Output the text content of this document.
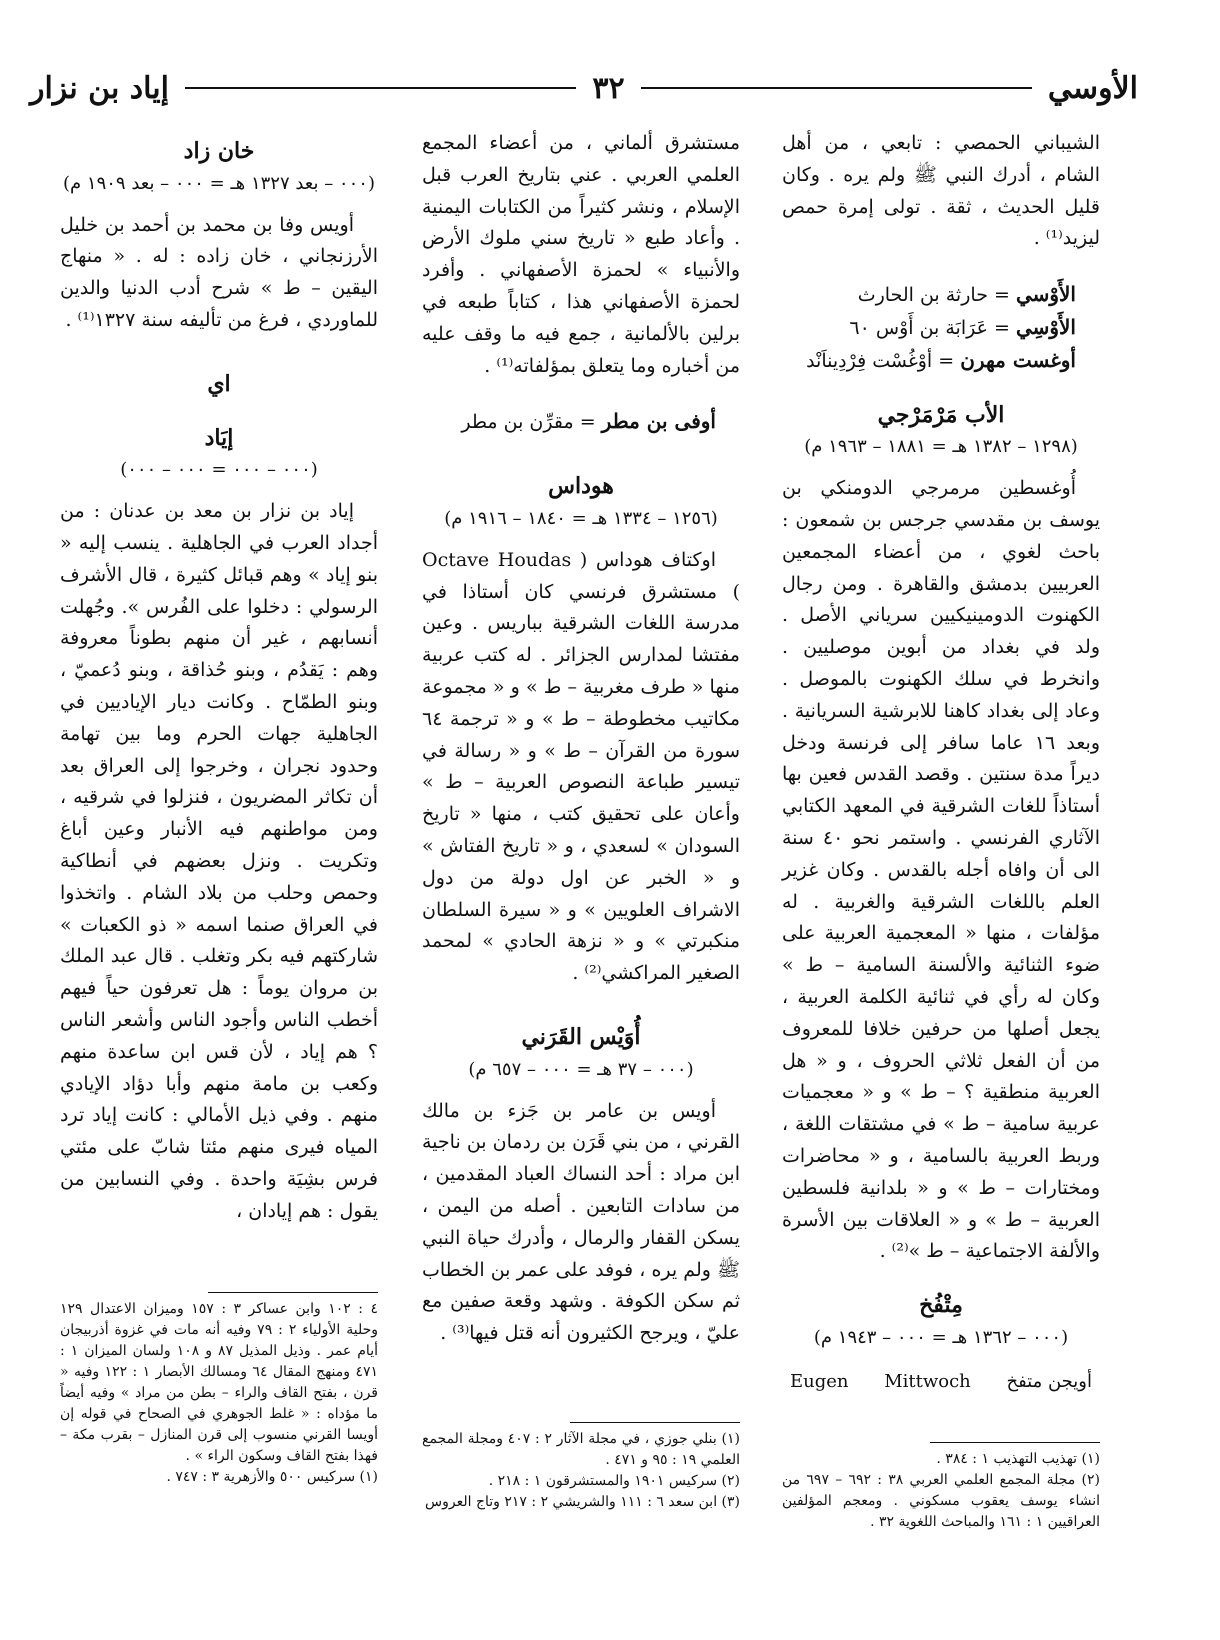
الأوسي
٣٢
إياد بن نزار

الشيباني الحمصي : تابعي ، من أهل الشام ، أدرك النبي ﷺ ولم يره . وكان قليل الحديث ، ثقة . تولى إمرة حمص ليزيد⁽¹⁾ .

الأَوْسي = حارثة بن الحارث

الأَوْسِي = عَرَابَة بن أَوْس ٦٠

أوغست مهرن = أوْغُسْت فِرْدِيناَنْد

الأب مَرْمَرْجي
(١٢٩٨ – ١٣٨٢ هـ = ١٨٨١ – ١٩٦٣ م)

أُوغسطين مرمرجي الدومنكي بن يوسف بن مقدسي جرجس بن شمعون : باحث لغوي ، من أعضاء المجمعين العربيين بدمشق والقاهرة . ومن رجال الكهنوت الدومينيكيين سرياني الأصل . ولد في بغداد من أبوين موصليين . وانخرط في سلك الكهنوت بالموصل . وعاد إلى بغداد كاهنا للابرشية السريانية . وبعد ١٦ عاما سافر إلى فرنسة ودخل ديراً مدة سنتين . وقصد القدس فعين بها أستاذاً للغات الشرقية في المعهد الكتابي الآثاري الفرنسي . واستمر نحو ٤٠ سنة الى أن وافاه أجله بالقدس . وكان غزير العلم باللغات الشرقية والغربية . له مؤلفات ، منها « المعجمية العربية على ضوء الثنائية والألسنة السامية – ط » وكان له رأي في ثنائية الكلمة العربية ، يجعل أصلها من حرفين خلافا للمعروف من أن الفعل ثلاثي الحروف ، و « هل العربية منطقية ؟ – ط » و « معجميات عربية سامية – ط » في مشتقات اللغة ، وربط العربية بالسامية ، و « محاضرات ومختارات – ط » و « بلدانية فلسطين العربية – ط » و « العلاقات بين الأسرة والألفة الاجتماعية – ط »⁽²⁾ .

مِتْفُخ
(٠٠٠ – ١٣٦٢ هـ = ٠٠٠ – ١٩٤٣ م)
Eugen Mittwoch أويجن متفخ
(١) تهذيب التهذيب ١ : ٣٨٤ .
(٢) مجلة المجمع العلمي العربي ٣٨ : ٦٩٢ – ٦٩٧ من انشاء يوسف يعقوب مسكوني . ومعجم المؤلفين العراقيين ١ : ١٦١ والمباحث اللغوية ٣٢ .

مستشرق ألماني ، من أعضاء المجمع العلمي العربي . عني بتاريخ العرب قبل الإسلام ، ونشر كثيراً من الكتابات اليمنية . وأعاد طبع « تاريخ سني ملوك الأرض والأنبياء » لحمزة الأصفهاني . وأفرد لحمزة الأصفهاني هذا ، كتاباً طبعه في برلين بالألمانية ، جمع فيه ما وقف عليه من أخباره وما يتعلق بمؤلفاته⁽¹⁾ .

أوفى بن مطر = مقرِّن بن مطر

هوداس
(١٢٥٦ – ١٣٣٤ هـ = ١٨٤٠ – ١٩١٦ م)

اوكتاف هوداس ( Octave Houdas ) مستشرق فرنسي كان أستاذا في مدرسة اللغات الشرقية بباريس . وعين مفتشا لمدارس الجزائر . له كتب عربية منها « طرف مغربية – ط » و « مجموعة مكاتيب مخطوطة – ط » و « ترجمة ٦٤ سورة من القرآن – ط » و « رسالة في تيسير طباعة النصوص العربية – ط » وأعان على تحقيق كتب ، منها « تاريخ السودان » لسعدي ، و « تاريخ الفتاش » و « الخبر عن اول دولة من دول الاشراف العلويين » و « سيرة السلطان منكبرتي » و « نزهة الحادي » لمحمد الصغير المراكشي⁽²⁾ .

أُوَيْس القَرَني
(٠٠٠ – ٣٧ هـ = ٠٠٠ – ٦٥٧ م)

أويس بن عامر بن جَزء بن مالك القرني ، من بني قَرَن بن ردمان بن ناجية ابن مراد : أحد النساك العباد المقدمين ، من سادات التابعين . أصله من اليمن ، يسكن القفار والرمال ، وأدرك حياة النبي ﷺ ولم يره ، فوفد على عمر بن الخطاب ثم سكن الكوفة . وشهد وقعة صفين مع عليّ ، ويرجح الكثيرون أنه قتل فيها⁽³⁾ .

(١) بنلي جوزي ، في مجلة الآثار ٢ : ٤٠٧ ومجلة المجمع العلمي ١٩ : ٩٥ و ٤٧١ .
(٢) سركيس ١٩٠١ والمستشرقون ١ : ٢١٨ .
(٣) ابن سعد ٦ : ١١١ والشريشي ٢ : ٢١٧ وتاج العروس
خان زاد
(٠٠٠ – بعد ١٣٢٧ هـ = ٠٠٠ – بعد ١٩٠٩ م)

أويس وفا بن محمد بن أحمد بن خليل الأرزنجاني ، خان زاده : له . « منهاج اليقين – ط » شرح أدب الدنيا والدين للماوردي ، فرغ من تأليفه سنة ١٣٢٧⁽¹⁾ .

اي
إيَاد
(٠٠٠ – ٠٠٠ = ٠٠٠ – ٠٠٠)

إياد بن نزار بن معد بن عدنان : من أجداد العرب في الجاهلية . ينسب إليه « بنو إياد » وهم قبائل كثيرة ، قال الأشرف الرسولي : دخلوا على الفُرس ». وجُهلت أنسابهم ، غير أن منهم بطوناً معروفة وهم : يَقدُم ، وبنو حُذاقة ، وبنو دُعميّ ، وبنو الطمّاح . وكانت ديار الإياديين في الجاهلية جهات الحرم وما بين تهامة وحدود نجران ، وخرجوا إلى العراق بعد أن تكاثر المضريون ، فنزلوا في شرقيه ، ومن مواطنهم فيه الأنبار وعين أباغ وتكريت . ونزل بعضهم في أنطاكية وحمص وحلب من بلاد الشام . واتخذوا في العراق صنما اسمه « ذو الكعبات » شاركتهم فيه بكر وتغلب . قال عبد الملك بن مروان يوماً : هل تعرفون حياً فيهم أخطب الناس وأجود الناس وأشعر الناس ؟ هم إياد ، لأن قس ابن ساعدة منهم وكعب بن مامة منهم وأبا دؤاد الإيادي منهم . وفي ذيل الأمالي : كانت إياد ترد المياه فيرى منهم مئتا شابّ على مئتي فرس بشِيَة واحدة . وفي النسابين من يقول : هم إيادان ،

٤ : ١٠٢ وابن عساكر ٣ : ١٥٧ وميزان الاعتدال ١٢٩ وحلية الأولياء ٢ : ٧٩ وفيه أنه مات في غزوة أذربيجان أيام عمر . وذيل المذيل ٨٧ و ١٠٨ ولسان الميزان ١ : ٤٧١ ومنهج المقال ٦٤ ومسالك الأبصار ١ : ١٢٢ وفيه « قرن ، بفتح القاف والراء – بطن من مراد » وفيه أيضاً ما مؤداه : « غلط الجوهري في الصحاح في قوله إن أويسا القرني منسوب إلى قرن المنازل – بقرب مكة – فهذا بفتح القاف وسكون الراء » .
(١) سركيس ٥٠٠ والأزهرية ٣ : ٧٤٧ .
